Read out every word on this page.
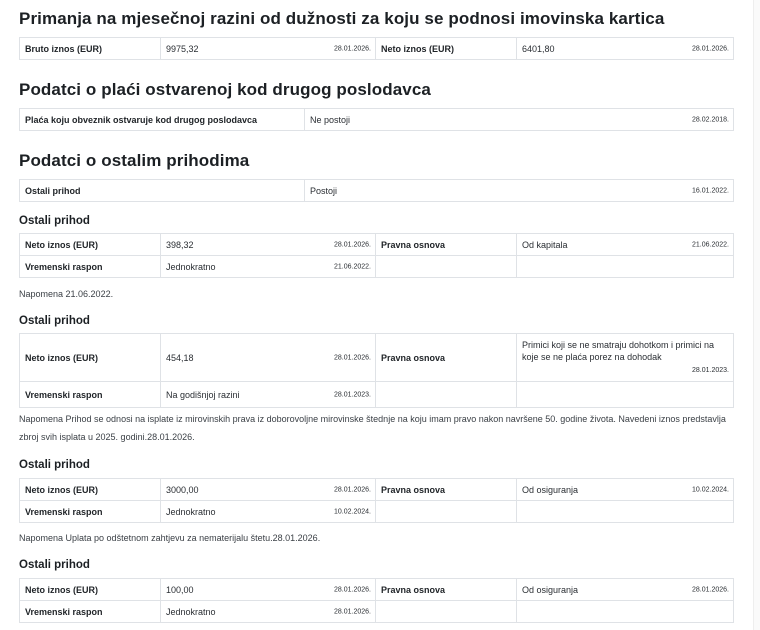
Primanja na mjesečnoj razini od dužnosti za koju se podnosi imovinska kartica
Bruto iznos (EUR)	9975,32	28.01.2026.	Neto iznos (EUR)	6401,80	28.01.2026.
Podatci o plaći ostvarenoj kod drugog poslodavca
Plaća koju obveznik ostvaruje kod drugog poslodavca	Ne postoji	28.02.2018.
Podatci o ostalim prihodima
Ostali prihod	Postoji	16.01.2022.
Ostali prihod
Neto iznos (EUR)	398,32 28.01.2026.	Pravna osnova	Od kapitala 21.06.2022.

Vremenski raspon	Jednokratno 21.06.2022.		

Napomena 21.06.2022.
Ostali prihod
Neto iznos (EUR)	454,18 28.01.2026.	Pravna osnova	Primici koji se ne smatraju dohotkom i primici na koje se ne plaća porez na dohodak
28.01.2023.

Vremenski raspon	Na godišnjoj razini 28.01.2023.		

Napomena Prihod se odnosi na isplate iz mirovinskih prava iz doborovoljne mirovinske štednje na koju imam pravo nakon navršene 50. godine života. Navedeni iznos predstavlja zbroj svih isplata u 2025. godini.28.01.2026.
Ostali prihod
Neto iznos (EUR)	3000,00 28.01.2026.	Pravna osnova	Od osiguranja 10.02.2024.

Vremenski raspon	Jednokratno 10.02.2024.		

Napomena Uplata po odštetnom zahtjevu za nematerijalu štetu.28.01.2026.
Ostali prihod
Neto iznos (EUR)	100,00 28.01.2026.	Pravna osnova	Od osiguranja 28.01.2026.

Vremenski raspon	Jednokratno 28.01.2026.		
